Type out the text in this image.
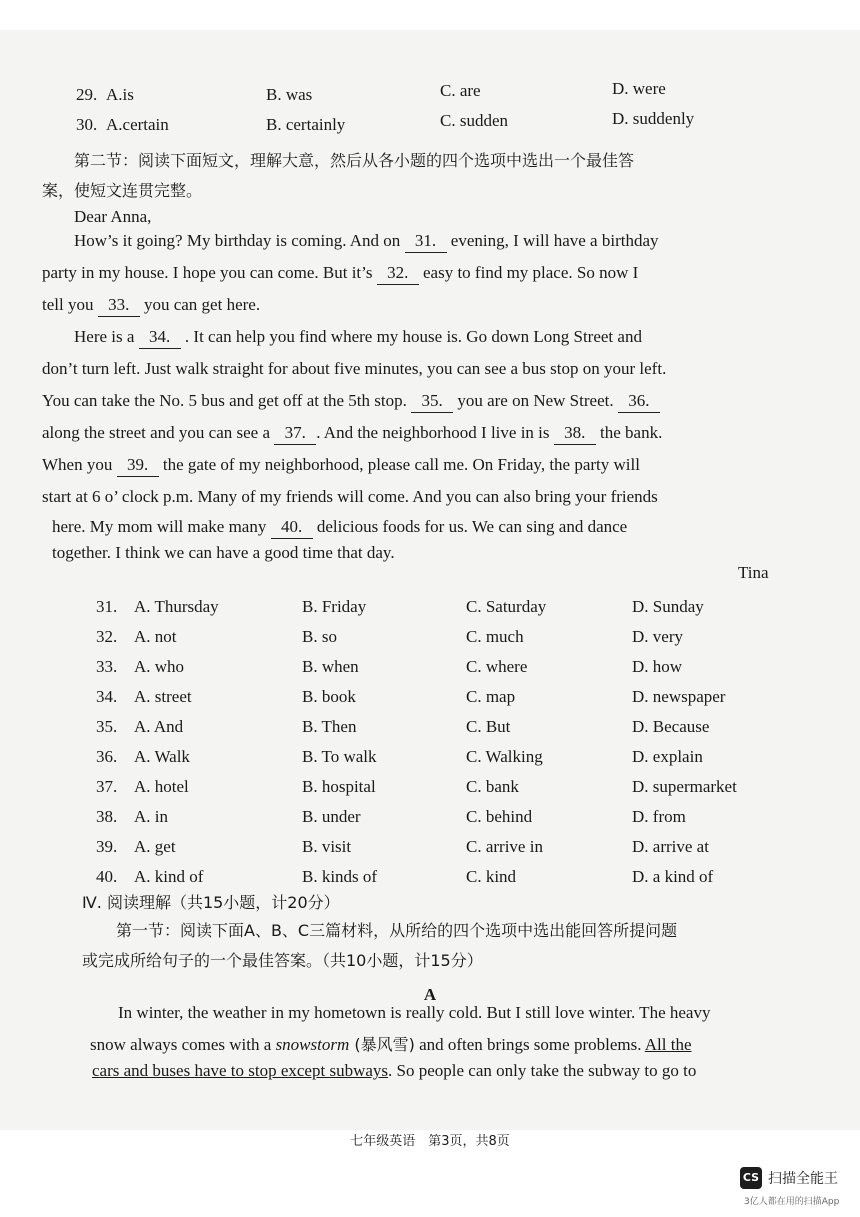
29. A.is	B. was	C. are	D. were
30. A.certain	B. certainly	C. sudden	D. suddenly
第二节：阅读下面短文，理解大意，然后从各小题的四个选项中选出一个最佳答
案，使短文连贯完整。
Dear Anna,
How’s it going? My birthday is coming. And on 31. evening, I will have a birthday
party in my house. I hope you can come. But it’s 32. easy to find my place. So now I
tell you 33. you can get here.
Here is a 34. . It can help you find where my house is. Go down Long Street and
don’t turn left. Just walk straight for about five minutes, you can see a bus stop on your left.
You can take the No. 5 bus and get off at the 5th stop. 35. you are on New Street. 36.
along the street and you can see a 37. . And the neighborhood I live in is 38. the bank.
When you 39. the gate of my neighborhood, please call me. On Friday, the party will
start at 6 o’ clock p.m. Many of my friends will come. And you can also bring your friends
here. My mom will make many 40. delicious foods for us. We can sing and dance
together. I think we can have a good time that day.
Tina
31. A. Thursday	B. Friday	C. Saturday	D. Sunday
32. A. not	B. so	C. much	D. very
33. A. who	B. when	C. where	D. how
34. A. street	B. book	C. map	D. newspaper
35. A. And	B. Then	C. But	D. Because
36. A. Walk	B. To walk	C. Walking	D. explain
37. A. hotel	B. hospital	C. bank	D. supermarket
38. A. in	B. under	C. behind	D. from
39. A. get	B. visit	C. arrive in	D. arrive at
40. A. kind of	B. kinds of	C. kind	D. a kind of
Ⅳ. 阅读理解（共15小题，计20分）
第一节：阅读下面A、B、C三篇材料，从所给的四个选项中选出能回答所提问题
或完成所给句子的一个最佳答案。（共10小题，计15分）
A
In winter, the weather in my hometown is really cold. But I still love winter. The heavy
snow always comes with a snowstorm (暴风雪) and often brings some problems. All the
cars and buses have to stop except subways. So people can only take the subway to go to
七年级英语　第3页，共8页
CS 扫描全能王
3亿人都在用的扫描App
